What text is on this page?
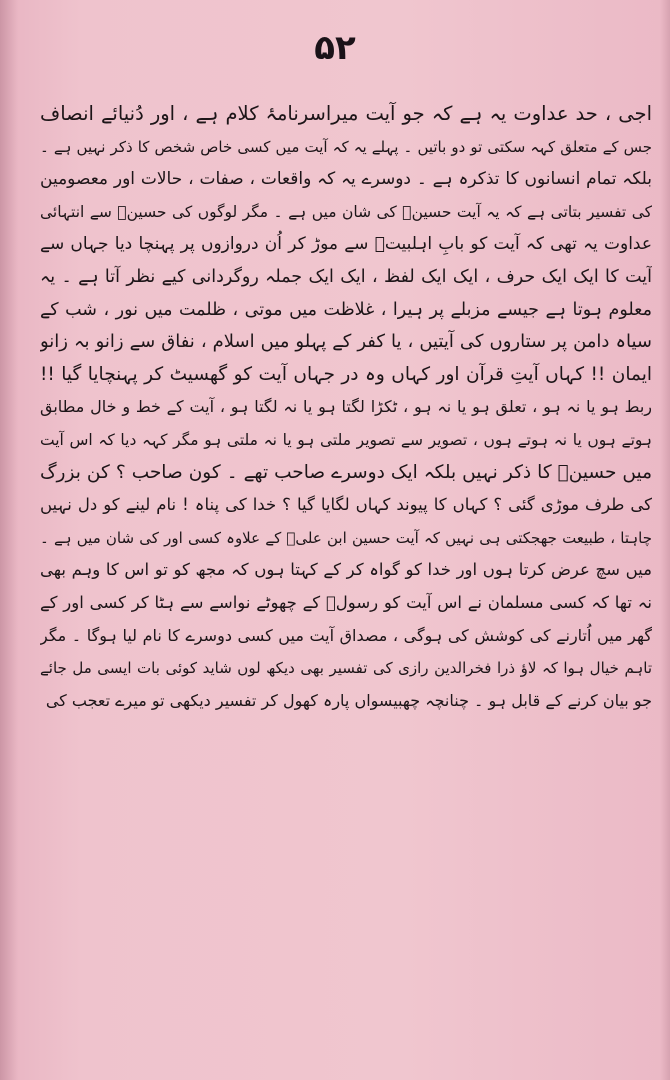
۵۲
اجی ، حد عداوت یہ ہے کہ جو آیت میراسرنامۂ کلام ہے ، اور دُنیائے انصاف
جس کے متعلق کہہ سکتی تو دو باتیں ۔ پہلے یہ کہ آیت میں کسی خاص شخص کا ذکر نہیں ہے ۔
بلکہ تمام انسانوں کا تذکرہ ہے ۔ دوسرے یہ کہ واقعات ، صفات ، حالات اور معصومین
کی تفسیر بتاتی ہے کہ یہ آیت حسینؑ کی شان میں ہے ۔ مگر لوگوں کی حسینؑ سے انتہائی
عداوت یہ تھی کہ آیت کو بابِ اہلبیتؑ سے موڑ کر اُن دروازوں پر پہنچا دیا جہاں سے
آیت کا ایک ایک حرف ، ایک ایک لفظ ، ایک ایک جملہ روگردانی کیے نظر آتا ہے ۔ یہ
معلوم ہوتا ہے جیسے مزبلے پر ہیرا ، غلاظت میں موتی ، ظلمت میں نور ، شب کے
سیاہ دامن پر ستاروں کی آیتیں ، یا کفر کے پہلو میں اسلام ، نفاق سے زانو بہ زانو
ایمان !! کہاں آیتِ قرآن اور کہاں وہ در جہاں آیت کو گھسیٹ کر پہنچایا گیا !!
ربط ہو یا نہ ہو ، تعلق ہو یا نہ ہو ، ٹکڑا لگتا ہو یا نہ لگتا ہو ، آیت کے خط و خال مطابق
ہوتے ہوں یا نہ ہوتے ہوں ، تصویر سے تصویر ملتی ہو یا نہ ملتی ہو مگر کہہ دیا کہ اس آیت
میں حسینؑ کا ذکر نہیں بلکہ ایک دوسرے صاحب تھے ۔ کون صاحب ؟ کن بزرگ
کی طرف موڑی گئی ؟ کہاں کا پیوند کہاں لگایا گیا ؟ خدا کی پناہ ! نام لینے کو دل نہیں
چاہتا ، طبیعت جھجکتی ہی نہیں کہ آیت حسین ابن علیؑ کے علاوہ کسی اور کی شان میں ہے ۔
میں سچ عرض کرتا ہوں اور خدا کو گواہ کر کے کہتا ہوں کہ مجھ کو تو اس کا وہم بھی
نہ تھا کہ کسی مسلمان نے اس آیت کو رسولؐ کے چھوٹے نواسے سے ہٹا کر کسی اور کے
گھر میں اُتارنے کی کوشش کی ہوگی ، مصداق آیت میں کسی دوسرے کا نام لیا ہوگا ۔ مگر
تاہم خیال ہوا کہ لاؤ ذرا فخرالدین رازی کی تفسیر بھی دیکھ لوں شاید کوئی بات ایسی مل جائے
جو بیان کرنے کے قابل ہو ۔ چنانچہ چھبیسواں پارہ کھول کر تفسیر دیکھی تو میرے تعجب کی
